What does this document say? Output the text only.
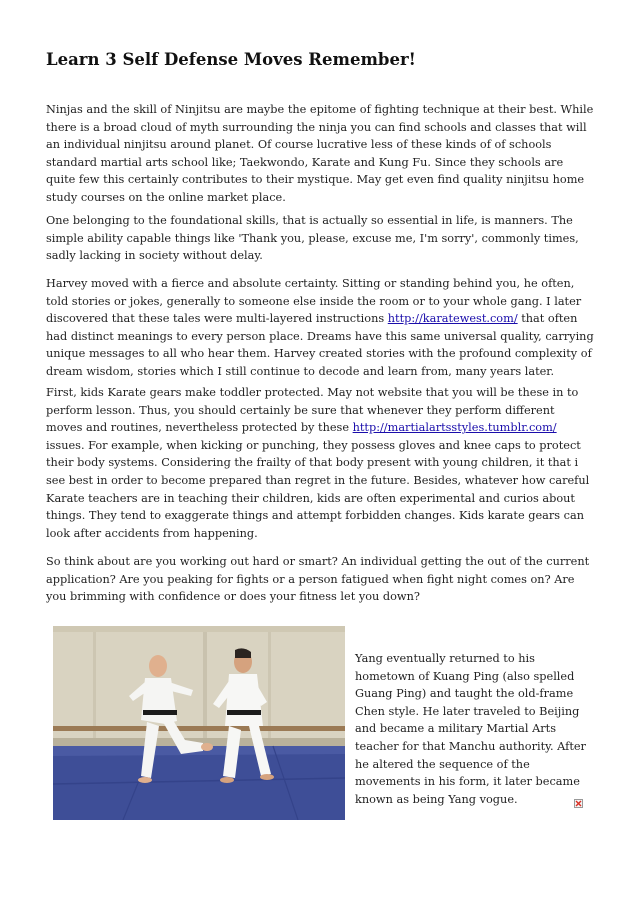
Learn 3 Self Defense Moves Remember!

Ninjas and the skill of Ninjitsu are maybe the epitome of fighting technique at their best. While there is a broad cloud of myth surrounding the ninja you can find schools and classes that will an individual ninjitsu around planet. Of course lucrative less of these kinds of of schools standard martial arts school like; Taekwondo, Karate and Kung Fu. Since they schools are quite few this certainly contributes to their mystique. May get even find quality ninjitsu home study courses on the online market place.

One belonging to the foundational skills, that is actually so essential in life, is manners. The simple ability capable things like 'Thank you, please, excuse me, I'm sorry', commonly times, sadly lacking in society without delay.

Harvey moved with a fierce and absolute certainty. Sitting or standing behind you, he often, told stories or jokes, generally to someone else inside the room or to your whole gang. I later discovered that these tales were multi-layered instructions http://karatewest.com/ that often had distinct meanings to every person place. Dreams have this same universal quality, carrying unique messages to all who hear them. Harvey created stories with the profound complexity of dream wisdom, stories which I still continue to decode and learn from, many years later.

First, kids Karate gears make toddler protected. May not website that you will be these in to perform lesson. Thus, you should certainly be sure that whenever they perform different moves and routines, nevertheless protected by these http://martialartsstyles.tumblr.com/ issues. For example, when kicking or punching, they possess gloves and knee caps to protect their body systems. Considering the frailty of that body present with young children, it that i see best in order to become prepared than regret in the future. Besides, whatever how careful Karate teachers are in teaching their children, kids are often experimental and curios about things. They tend to exaggerate things and attempt forbidden changes. Kids karate gears can look after accidents from happening.

So think about are you working out hard or smart? An individual getting the out of the current application? Are you peaking for fights or a person fatigued when fight night comes on? Are you brimming with confidence or does your fitness let you down?

Yang eventually returned to his hometown of Kuang Ping (also spelled Guang Ping) and taught the old-frame Chen style. He later traveled to Beijing and became a military Martial Arts teacher for that Manchu authority. After he altered the sequence of the movements in his form, it later became known as being Yang vogue.
